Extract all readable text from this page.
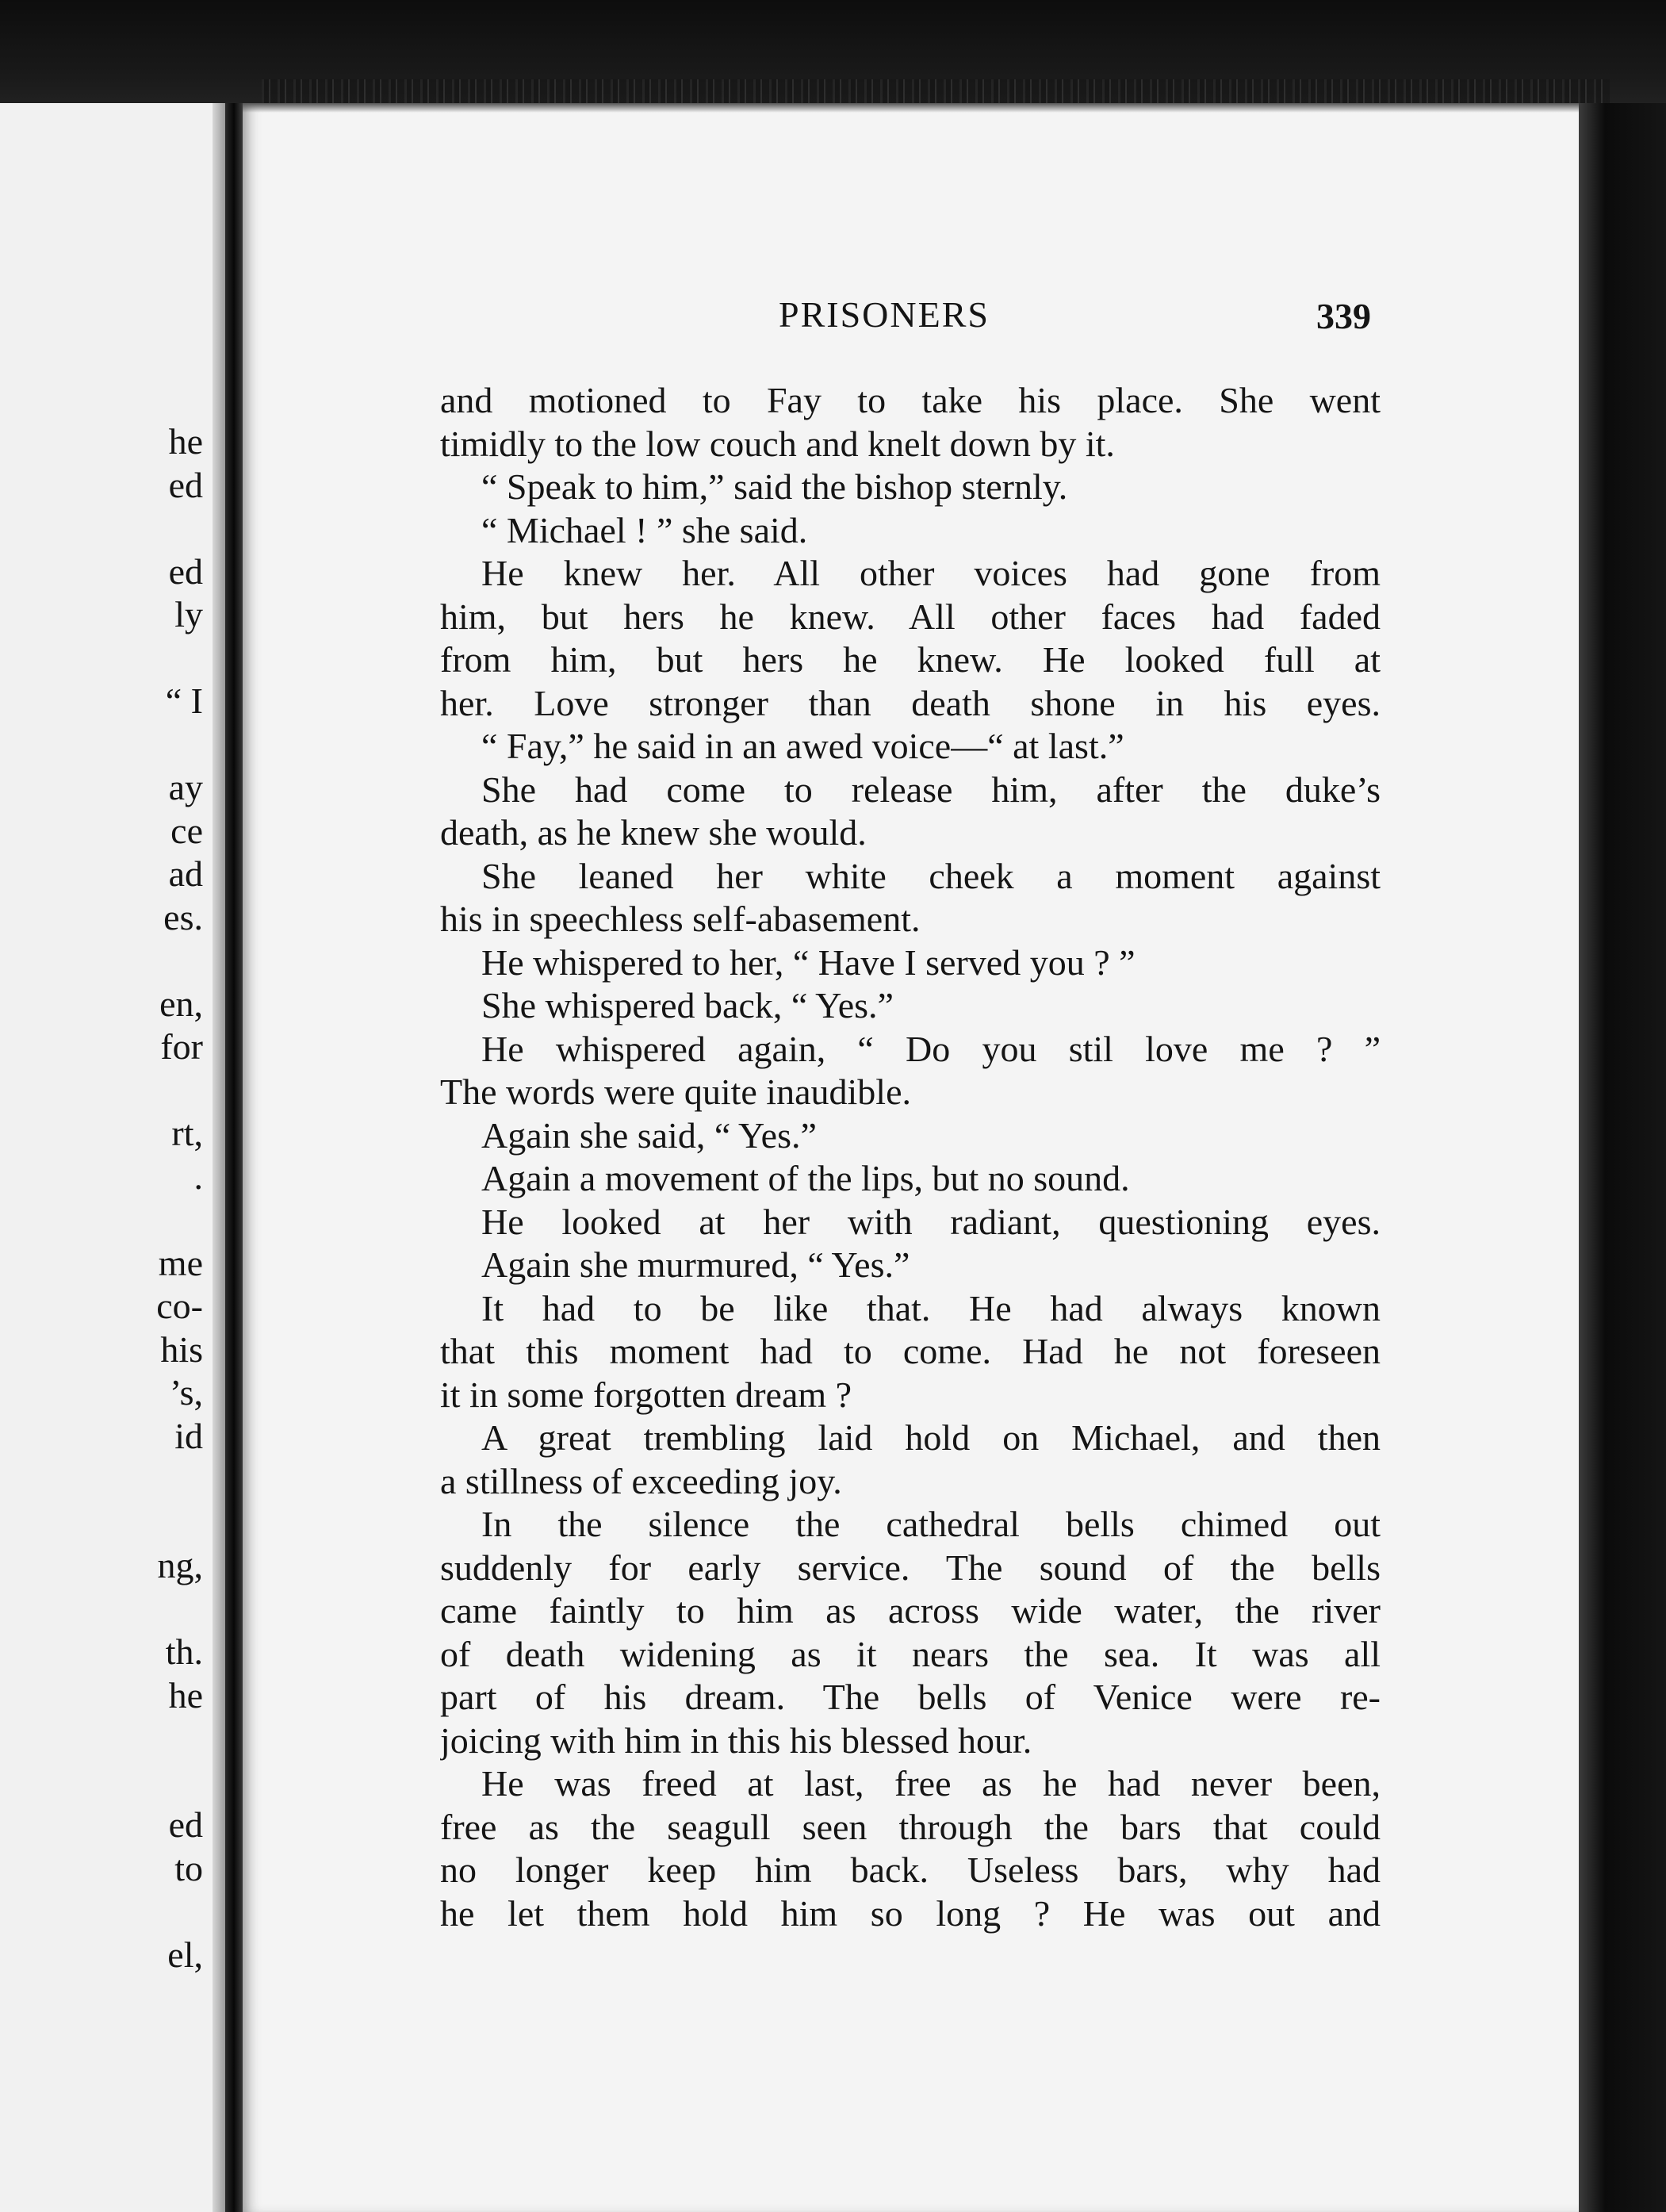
he
ed
ed
ly
“ I
ay
ce
ad
es.
en,
for
rt,
.
me
co-
his
’s,
id
ng,
th.
he
ed
to
el,
PRISONERS	339
and motioned to Fay to take his place. She went
timidly to the low couch and knelt down by it.
“ Speak to him,” said the bishop sternly.
“ Michael ! ” she said.
He knew her. All other voices had gone from
him, but hers he knew. All other faces had faded
from him, but hers he knew. He looked full at
her. Love stronger than death shone in his eyes.
“ Fay,” he said in an awed voice—“ at last.”
She had come to release him, after the duke’s
death, as he knew she would.
She leaned her white cheek a moment against
his in speechless self-abasement.
He whispered to her, “ Have I served you ? ”
She whispered back, “ Yes.”
He whispered again, “ Do you stil love me ? ”
The words were quite inaudible.
Again she said, “ Yes.”
Again a movement of the lips, but no sound.
He looked at her with radiant, questioning eyes.
Again she murmured, “ Yes.”
It had to be like that. He had always known
that this moment had to come. Had he not foreseen
it in some forgotten dream ?
A great trembling laid hold on Michael, and then
a stillness of exceeding joy.
In the silence the cathedral bells chimed out
suddenly for early service. The sound of the bells
came faintly to him as across wide water, the river
of death widening as it nears the sea. It was all
part of his dream. The bells of Venice were re-
joicing with him in this his blessed hour.
He was freed at last, free as he had never been,
free as the seagull seen through the bars that could
no longer keep him back. Useless bars, why had
he let them hold him so long ? He was out and
